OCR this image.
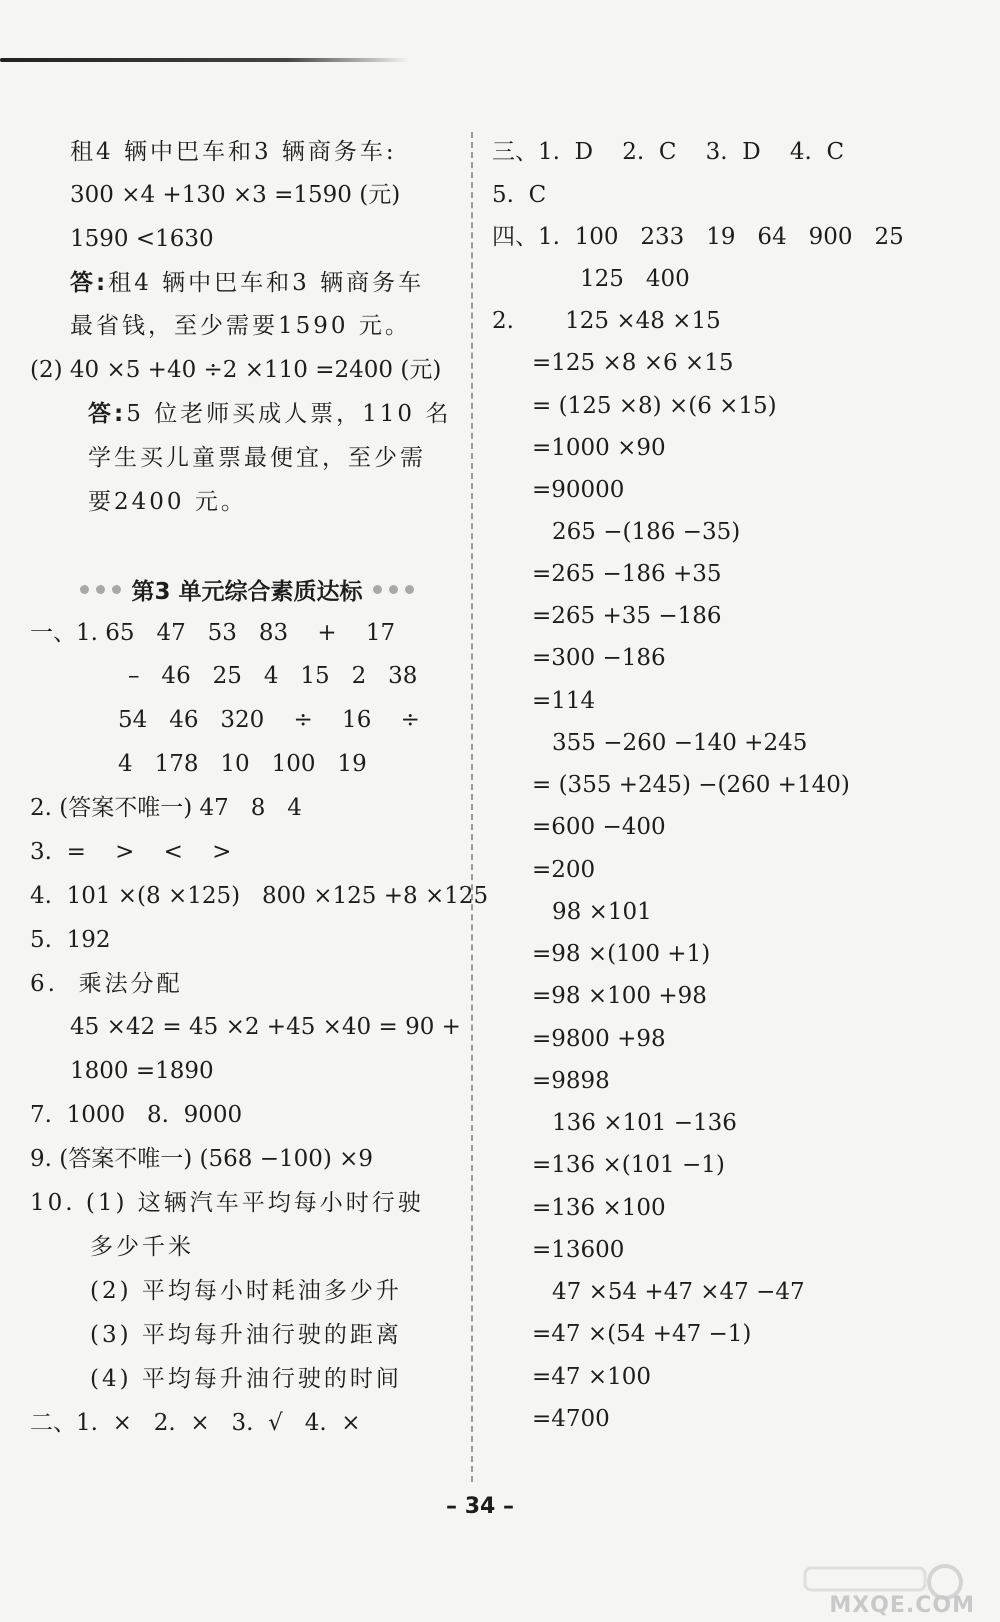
租4 辆中巴车和3 辆商务车:
300 ×4 +130 ×3 =1590 (元)
1590 <1630
答:租4 辆中巴车和3 辆商务车
最省钱，至少需要1590 元。
(2) 40 ×5 +40 ÷2 ×110 =2400 (元)
答:5 位老师买成人票，110 名
学生买儿童票最便宜，至少需
要2400 元。
第3 单元综合素质达标
一、1. 65   47   53   83    +    17
–   46   25   4   15   2   38
54   46   320    ÷    16    ÷
4   178   10   100   19
2. (答案不唯一) 47   8   4
3.  =    >    <    >
4.  101 ×(8 ×125)   800 ×125 +8 ×125
5.  192
6.  乘法分配
45 ×42 = 45 ×2 +45 ×40 = 90 +
1800 =1890
7.  1000   8.  9000
9. (答案不唯一) (568 −100) ×9
10. (1) 这辆汽车平均每小时行驶
多少千米
(2) 平均每小时耗油多少升
(3) 平均每升油行驶的距离
(4) 平均每升油行驶的时间
二、1.  ×   2.  ×   3.  √   4.  ×
三、1.  D    2.  C    3.  D    4.  C
5.  C
四、1.  100   233   19   64   900   25
125   400
2.       125 ×48 ×15
=125 ×8 ×6 ×15
= (125 ×8) ×(6 ×15)
=1000 ×90
=90000
265 −(186 −35)
=265 −186 +35
=265 +35 −186
=300 −186
=114
355 −260 −140 +245
= (355 +245) −(260 +140)
=600 −400
=200
98 ×101
=98 ×(100 +1)
=98 ×100 +98
=9800 +98
=9898
136 ×101 −136
=136 ×(101 −1)
=136 ×100
=13600
47 ×54 +47 ×47 −47
=47 ×(54 +47 −1)
=47 ×100
=4700
– 34 –
MXQE.COM
